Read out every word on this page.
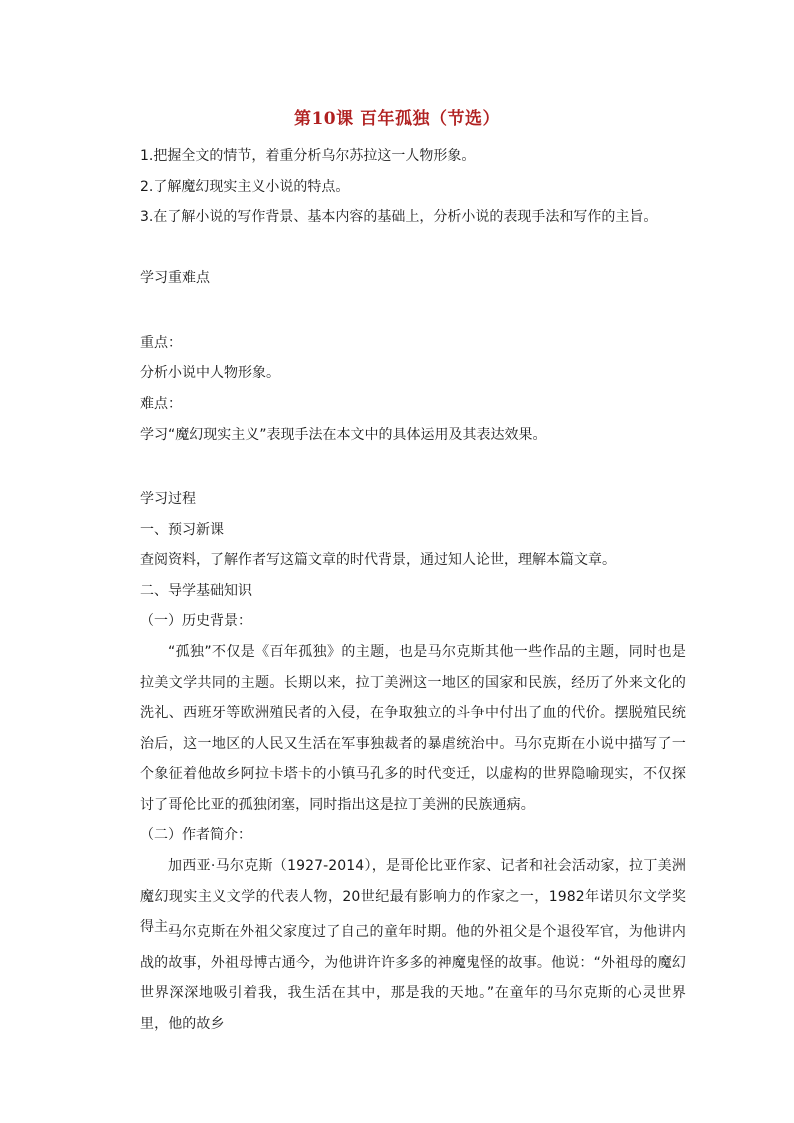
第10课 百年孤独（节选）
1.把握全文的情节，着重分析乌尔苏拉这一人物形象。
2.了解魔幻现实主义小说的特点。
3.在了解小说的写作背景、基本内容的基础上，分析小说的表现手法和写作的主旨。
学习重难点
重点：
分析小说中人物形象。
难点：
学习“魔幻现实主义”表现手法在本文中的具体运用及其表达效果。
学习过程
一、预习新课
查阅资料，了解作者写这篇文章的时代背景，通过知人论世，理解本篇文章。
二、导学基础知识
（一）历史背景：
“孤独”不仅是《百年孤独》的主题，也是马尔克斯其他一些作品的主题，同时也是拉美文学共同的主题。长期以来，拉丁美洲这一地区的国家和民族，经历了外来文化的洗礼、西班牙等欧洲殖民者的入侵，在争取独立的斗争中付出了血的代价。摆脱殖民统治后，这一地区的人民又生活在军事独裁者的暴虐统治中。马尔克斯在小说中描写了一个象征着他故乡阿拉卡塔卡的小镇马孔多的时代变迁，以虚构的世界隐喻现实，不仅探讨了哥伦比亚的孤独闭塞，同时指出这是拉丁美洲的民族通病。
（二）作者简介：
加西亚·马尔克斯（1927-2014），是哥伦比亚作家、记者和社会活动家，拉丁美洲魔幻现实主义文学的代表人物，20世纪最有影响力的作家之一，1982年诺贝尔文学奖得主。
马尔克斯在外祖父家度过了自己的童年时期。他的外祖父是个退役军官，为他讲内战的故事，外祖母博古通今，为他讲许许多多的神魔鬼怪的故事。他说：“外祖母的魔幻世界深深地吸引着我，我生活在其中，那是我的天地。”在童年的马尔克斯的心灵世界里，他的故乡
